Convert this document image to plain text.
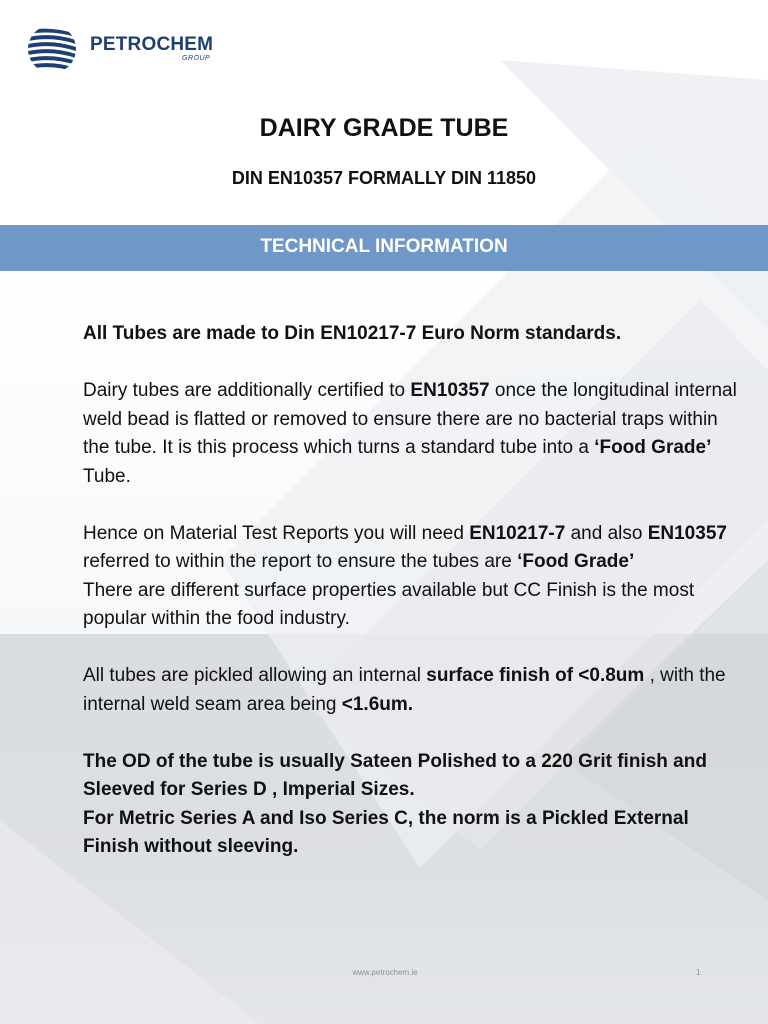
PETROCHEM
GROUP
DAIRY GRADE TUBE
DIN EN10357 FORMALLY DIN 11850
TECHNICAL INFORMATION

All Tubes are made to Din EN10217-7 Euro Norm standards.

Dairy tubes are additionally certified to EN10357 once the longitudinal internal weld bead is flatted or removed to ensure there are no bacterial traps within the tube. It is this process which turns a standard tube into a ‘Food Grade’ Tube.

Hence on Material Test Reports you will need EN10217-7 and also EN10357 referred to within the report to ensure the tubes are ‘Food Grade’

There are different surface properties available but CC Finish is the most popular within the food industry.

All tubes are pickled allowing an internal surface finish of <0.8um , with the internal weld seam area being <1.6um.

The OD of the tube is usually Sateen Polished to a 220 Grit finish and Sleeved for Series D , Imperial Sizes.

For Metric Series A and Iso Series C, the norm is a Pickled External Finish without sleeving.

www.petrochem.ie	1
